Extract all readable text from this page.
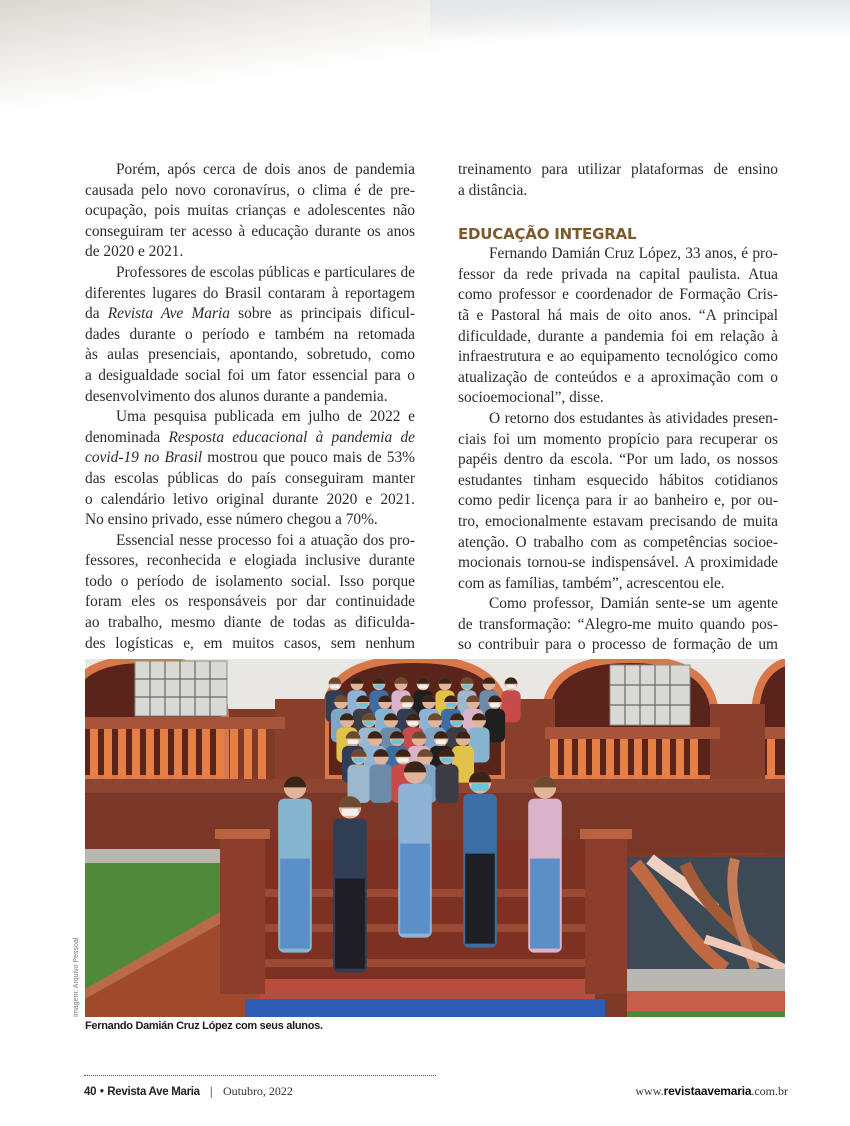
Porém, após cerca de dois anos de pandemia
causada pelo novo coronavírus, o clima é de pre-
ocupação, pois muitas crianças e adolescentes não
conseguiram ter acesso à educação durante os anos
de 2020 e 2021.

Professores de escolas públicas e particulares de
diferentes lugares do Brasil contaram à reportagem
da Revista Ave Maria sobre as principais dificul-
dades durante o período e também na retomada
às aulas presenciais, apontando, sobretudo, como
a desigualdade social foi um fator essencial para o
desenvolvimento dos alunos durante a pandemia.

Uma pesquisa publicada em julho de 2022 e
denominada Resposta educacional à pandemia de
covid-19 no Brasil mostrou que pouco mais de 53%
das escolas públicas do país conseguiram manter
o calendário letivo original durante 2020 e 2021.
No ensino privado, esse número chegou a 70%.

Essencial nesse processo foi a atuação dos pro-
fessores, reconhecida e elogiada inclusive durante
todo o período de isolamento social. Isso porque
foram eles os responsáveis por dar continuidade
ao trabalho, mesmo diante de todas as dificulda-
des logísticas e, em muitos casos, sem nenhum

treinamento para utilizar plataformas de ensino
a distância.

EDUCAÇÃO INTEGRAL

Fernando Damián Cruz López, 33 anos, é pro-
fessor da rede privada na capital paulista. Atua
como professor e coordenador de Formação Cris-
tã e Pastoral há mais de oito anos. “A principal
dificuldade, durante a pandemia foi em relação à
infraestrutura e ao equipamento tecnológico como
atualização de conteúdos e a aproximação com o
socioemocional”, disse.

O retorno dos estudantes às atividades presen-
ciais foi um momento propício para recuperar os
papéis dentro da escola. “Por um lado, os nossos
estudantes tinham esquecido hábitos cotidianos
como pedir licença para ir ao banheiro e, por ou-
tro, emocionalmente estavam precisando de muita
atenção. O trabalho com as competências socioe-
mocionais tornou-se indispensável. A proximidade
com as famílias, também”, acrescentou ele.

Como professor, Damián sente-se um agente
de transformação: “Alegro-me muito quando pos-
so contribuir para o processo de formação de um

Imagem: Arquivo Pessoal
Fernando Damián Cruz López com seus alunos.
40 • Revista Ave Maria | Outubro, 2022	www.revistaavemaria.com.br
